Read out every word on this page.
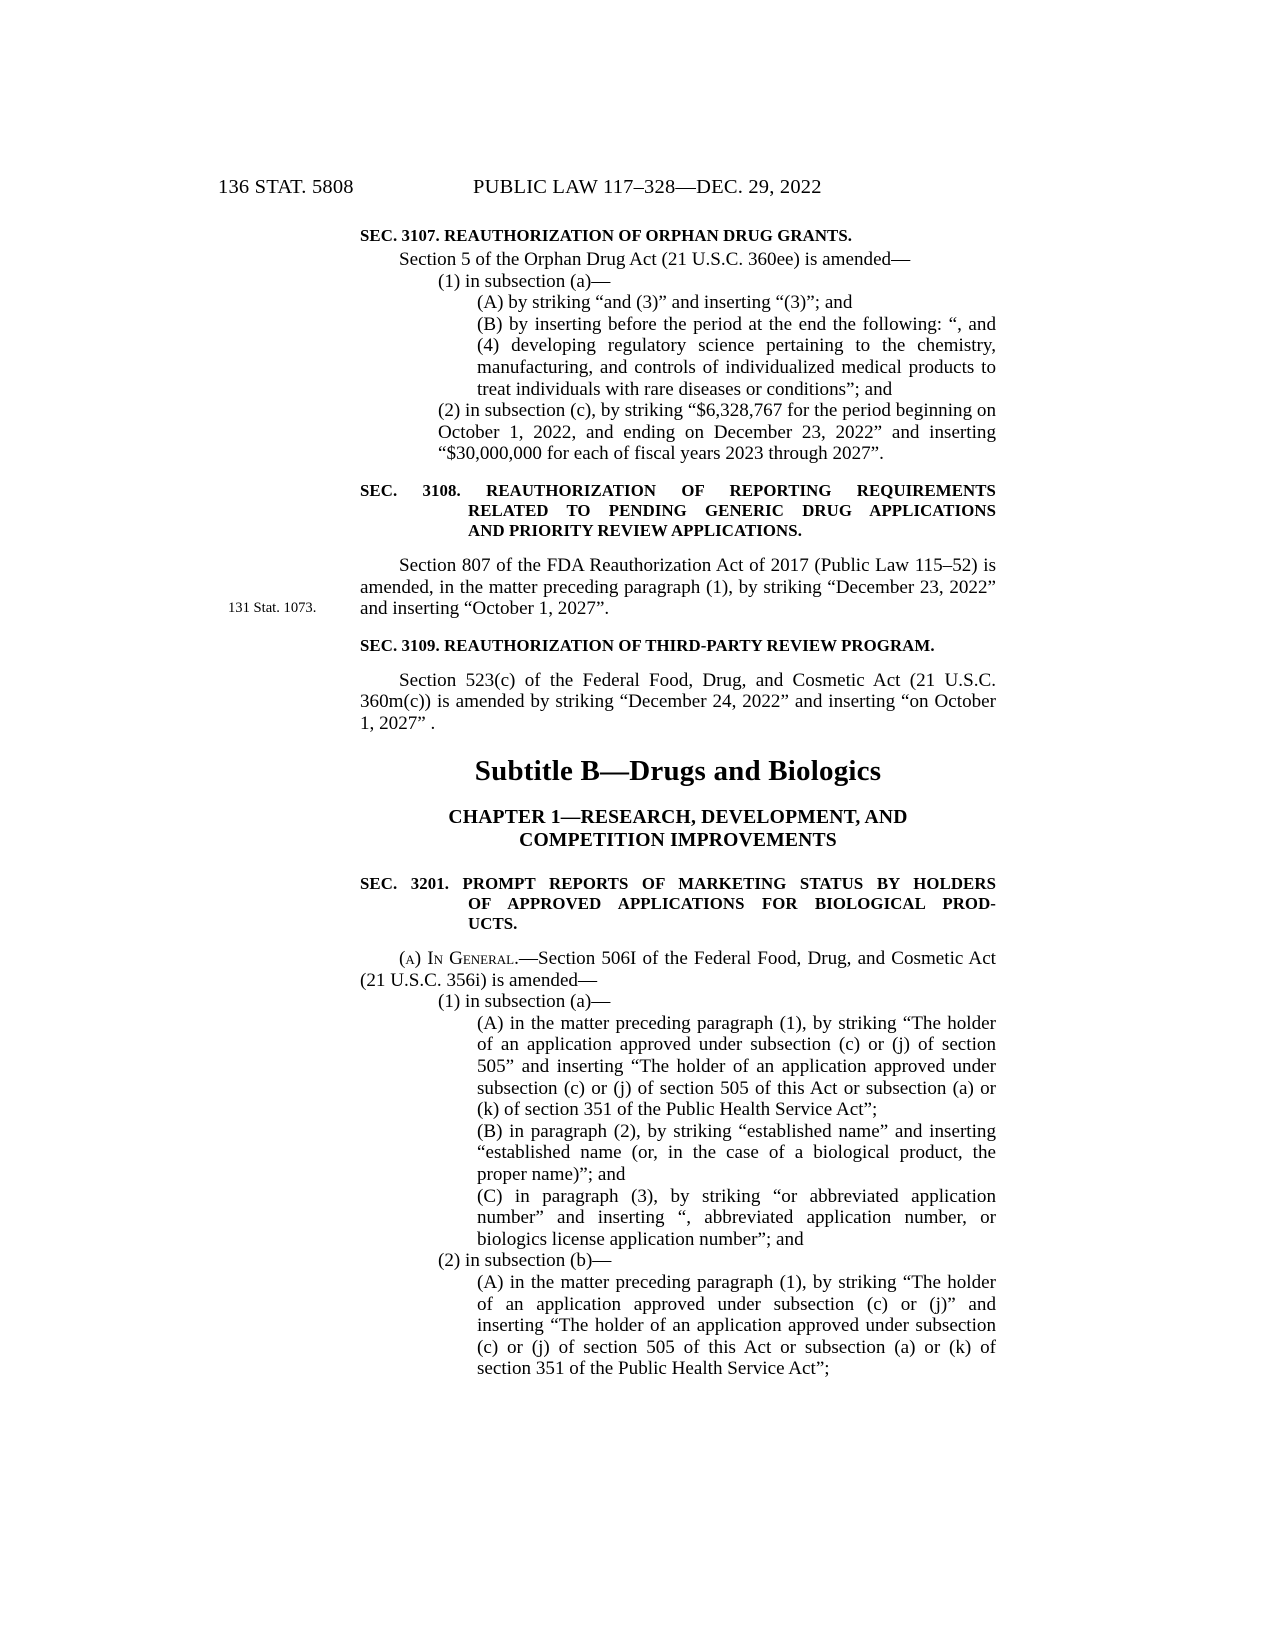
136 STAT. 5808	PUBLIC LAW 117–328—DEC. 29, 2022
131 Stat. 1073.
SEC. 3107. REAUTHORIZATION OF ORPHAN DRUG GRANTS.

Section 5 of the Orphan Drug Act (21 U.S.C. 360ee) is amended—

(1) in subsection (a)—

(A) by striking “and (3)” and inserting “(3)”; and

(B) by inserting before the period at the end the following: “, and (4) developing regulatory science pertaining to the chemistry, manufacturing, and controls of individualized medical products to treat individuals with rare diseases or conditions”; and

(2) in subsection (c), by striking “$6,328,767 for the period beginning on October 1, 2022, and ending on December 23, 2022” and inserting “$30,000,000 for each of fiscal years 2023 through 2027”.

SEC. 3108. REAUTHORIZATION OF REPORTING REQUIREMENTS
RELATED TO PENDING GENERIC DRUG APPLICATIONS
AND PRIORITY REVIEW APPLICATIONS.

Section 807 of the FDA Reauthorization Act of 2017 (Public Law 115–52) is amended, in the matter preceding paragraph (1), by striking “December 23, 2022” and inserting “October 1, 2027”.

SEC. 3109. REAUTHORIZATION OF THIRD-PARTY REVIEW PROGRAM.

Section 523(c) of the Federal Food, Drug, and Cosmetic Act (21 U.S.C. 360m(c)) is amended by striking “December 24, 2022” and inserting “on October 1, 2027” .

Subtitle B—Drugs and Biologics
CHAPTER 1—RESEARCH, DEVELOPMENT, AND
COMPETITION IMPROVEMENTS
SEC. 3201. PROMPT REPORTS OF MARKETING STATUS BY HOLDERS
OF APPROVED APPLICATIONS FOR BIOLOGICAL PROD-
UCTS.

(a) In General.—Section 506I of the Federal Food, Drug, and Cosmetic Act (21 U.S.C. 356i) is amended—

(1) in subsection (a)—

(A) in the matter preceding paragraph (1), by striking “The holder of an application approved under subsection (c) or (j) of section 505” and inserting “The holder of an application approved under subsection (c) or (j) of section 505 of this Act or subsection (a) or (k) of section 351 of the Public Health Service Act”;

(B) in paragraph (2), by striking “established name” and inserting “established name (or, in the case of a biological product, the proper name)”; and

(C) in paragraph (3), by striking “or abbreviated application number” and inserting “, abbreviated application number, or biologics license application number”; and

(2) in subsection (b)—

(A) in the matter preceding paragraph (1), by striking “The holder of an application approved under subsection (c) or (j)” and inserting “The holder of an application approved under subsection (c) or (j) of section 505 of this Act or subsection (a) or (k) of section 351 of the Public Health Service Act”;
